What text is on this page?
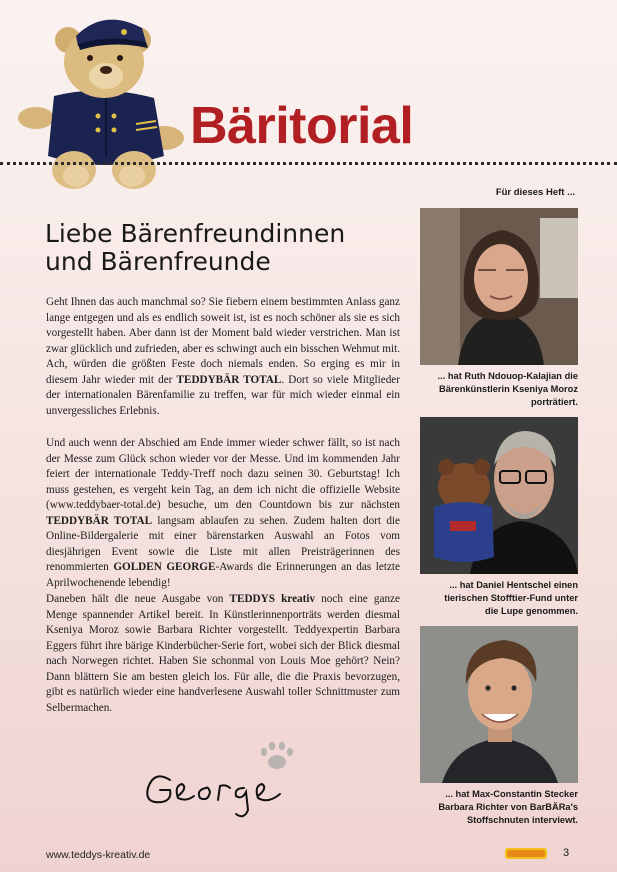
Bäritorial
Liebe Bärenfreundinnen
und Bärenfreunde

Geht Ihnen das auch manchmal so? Sie fiebern einem bestimmten Anlass ganz lange entgegen und als es endlich soweit ist, ist es noch schöner als sie es sich vorgestellt haben. Aber dann ist der Moment bald wieder verstrichen. Man ist zwar glücklich und zufrieden, aber es schwingt auch ein bisschen Wehmut mit. Ach, würden die größten Feste doch niemals enden. So erging es mir in diesem Jahr wieder mit der TEDDYBÄR TOTAL. Dort so viele Mitglieder der internationalen Bärenfamilie zu treffen, war für mich wieder einmal ein unvergessliches Erlebnis.

Und auch wenn der Abschied am Ende immer wieder schwer fällt, so ist nach der Messe zum Glück schon wieder vor der Messe. Und im kommenden Jahr feiert der internationale Teddy-Treff noch dazu seinen 30. Geburtstag! Ich muss gestehen, es vergeht kein Tag, an dem ich nicht die offizielle Website (www.teddybaer-total.de) besuche, um den Countdown bis zur nächsten TEDDYBÄR TOTAL langsam ablaufen zu sehen. Zudem halten dort die Online-Bildergalerie mit einer bärenstarken Auswahl an Fotos vom diesjährigen Event sowie die Liste mit allen Preisträgerinnen des renommierten GOLDEN GEORGE-Awards die Erinnerungen an das letzte Aprilwochenende lebendig!

Daneben hält die neue Ausgabe von TEDDYS kreativ noch eine ganze Menge spannender Artikel bereit. In Künstlerinnenporträts werden diesmal Kseniya Moroz sowie Barbara Richter vorgestellt. Teddyexpertin Barbara Eggers führt ihre bärige Kinderbücher-Serie fort, wobei sich der Blick diesmal nach Norwegen richtet. Haben Sie schonmal von Louis Moe gehört? Nein? Dann blättern Sie am besten gleich los. Für alle, die die Praxis bevorzugen, gibt es natürlich wieder eine handverlesene Auswahl toller Schnittmuster zum Selbermachen.

Für dieses Heft ...

... hat Ruth Ndouop-Kalajian die
Bärenkünstlerin Kseniya Moroz
porträtiert.

... hat Daniel Hentschel einen
tierischen Stofftier-Fund unter
die Lupe genommen.

... hat Max-Constantin Stecker
Barbara Richter von BarBÄRa's
Stoffschnuten interviewt.

www.teddys-kreativ.de	3
